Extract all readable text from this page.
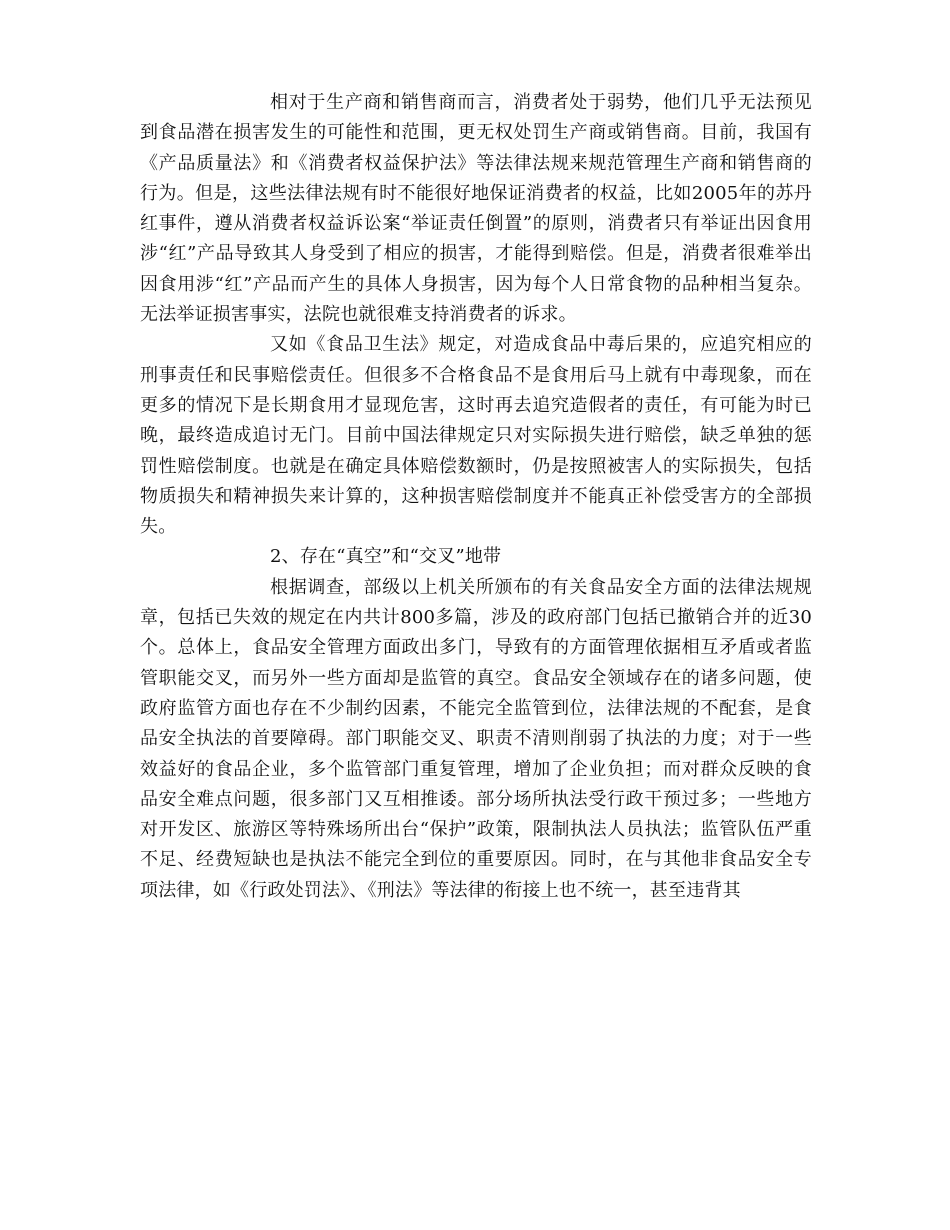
相对于生产商和销售商而言，消费者处于弱势，他们几乎无法预见到食品潜在损害发生的可能性和范围，更无权处罚生产商或销售商。目前，我国有《产品质量法》和《消费者权益保护法》等法律法规来规范管理生产商和销售商的行为。但是，这些法律法规有时不能很好地保证消费者的权益，比如2005年的苏丹红事件，遵从消费者权益诉讼案“举证责任倒置”的原则，消费者只有举证出因食用涉“红”产品导致其人身受到了相应的损害，才能得到赔偿。但是，消费者很难举出因食用涉“红”产品而产生的具体人身损害，因为每个人日常食物的品种相当复杂。无法举证损害事实，法院也就很难支持消费者的诉求。

又如《食品卫生法》规定，对造成食品中毒后果的，应追究相应的刑事责任和民事赔偿责任。但很多不合格食品不是食用后马上就有中毒现象，而在更多的情况下是长期食用才显现危害，这时再去追究造假者的责任，有可能为时已晚，最终造成追讨无门。目前中国法律规定只对实际损失进行赔偿，缺乏单独的惩罚性赔偿制度。也就是在确定具体赔偿数额时，仍是按照被害人的实际损失，包括物质损失和精神损失来计算的，这种损害赔偿制度并不能真正补偿受害方的全部损失。

2、存在“真空”和“交叉”地带

根据调查，部级以上机关所颁布的有关食品安全方面的法律法规规章，包括已失效的规定在内共计800多篇，涉及的政府部门包括已撤销合并的近30个。总体上，食品安全管理方面政出多门，导致有的方面管理依据相互矛盾或者监管职能交叉，而另外一些方面却是监管的真空。食品安全领域存在的诸多问题，使政府监管方面也存在不少制约因素，不能完全监管到位，法律法规的不配套，是食品安全执法的首要障碍。部门职能交叉、职责不清则削弱了执法的力度；对于一些效益好的食品企业，多个监管部门重复管理，增加了企业负担；而对群众反映的食品安全难点问题，很多部门又互相推诿。部分场所执法受行政干预过多；一些地方对开发区、旅游区等特殊场所出台“保护”政策，限制执法人员执法；监管队伍严重不足、经费短缺也是执法不能完全到位的重要原因。同时，在与其他非食品安全专项法律，如《行政处罚法》、《刑法》等法律的衔接上也不统一，甚至违背其
